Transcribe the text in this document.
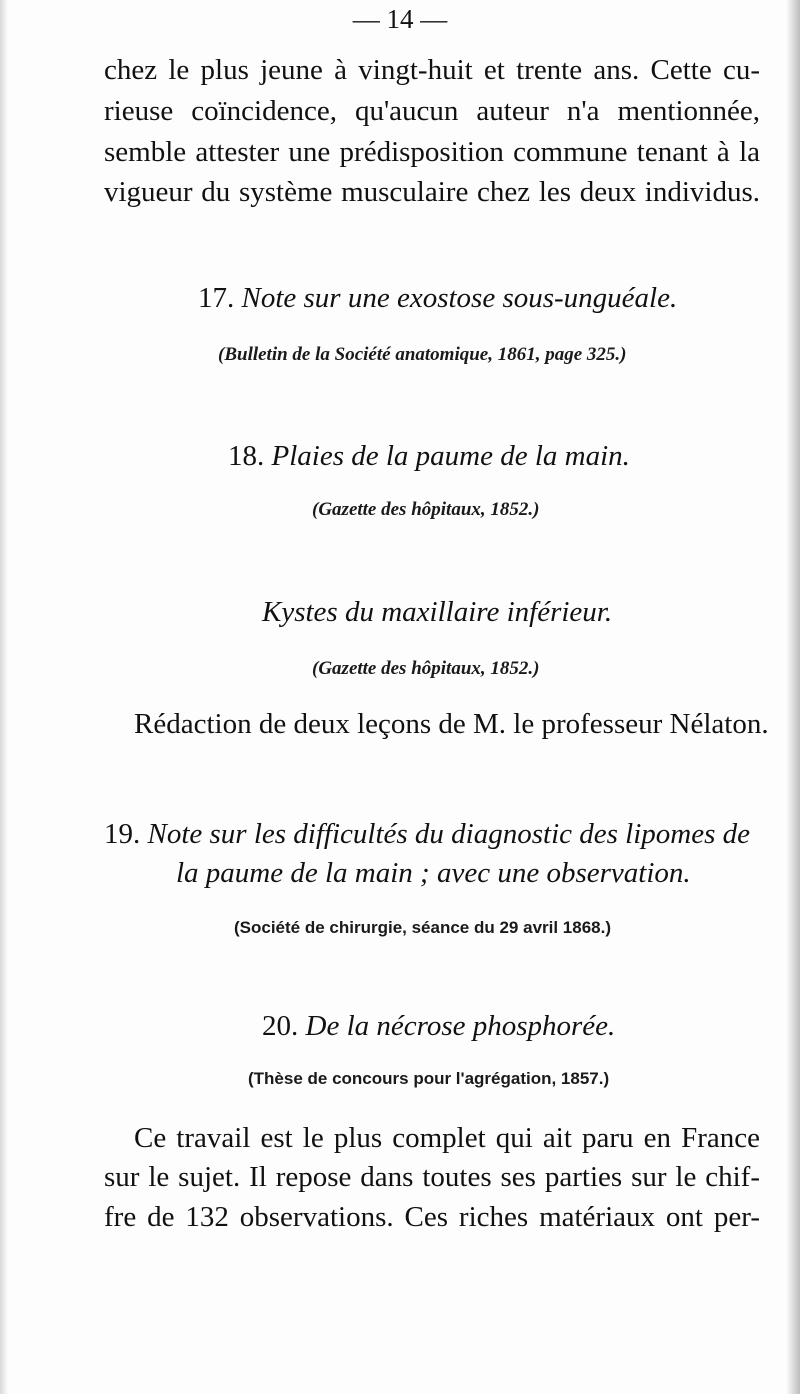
— 14 —
chez le plus jeune à vingt-huit et trente ans. Cette cu-
rieuse coïncidence, qu'aucun auteur n'a mentionnée,
semble attester une prédisposition commune tenant à la
vigueur du système musculaire chez les deux individus.
17. Note sur une exostose sous-unguéale.
(Bulletin de la Société anatomique, 1861, page 325.)
18. Plaies de la paume de la main.
(Gazette des hôpitaux, 1852.)
Kystes du maxillaire inférieur.
(Gazette des hôpitaux, 1852.)
Rédaction de deux leçons de M. le professeur Nélaton.
19. Note sur les difficultés du diagnostic des lipomes de
la paume de la main ; avec une observation.
(Société de chirurgie, séance du 29 avril 1868.)
20. De la nécrose phosphorée.
(Thèse de concours pour l'agrégation, 1857.)
Ce travail est le plus complet qui ait paru en France
sur le sujet. Il repose dans toutes ses parties sur le chif-
fre de 132 observations. Ces riches matériaux ont per-
